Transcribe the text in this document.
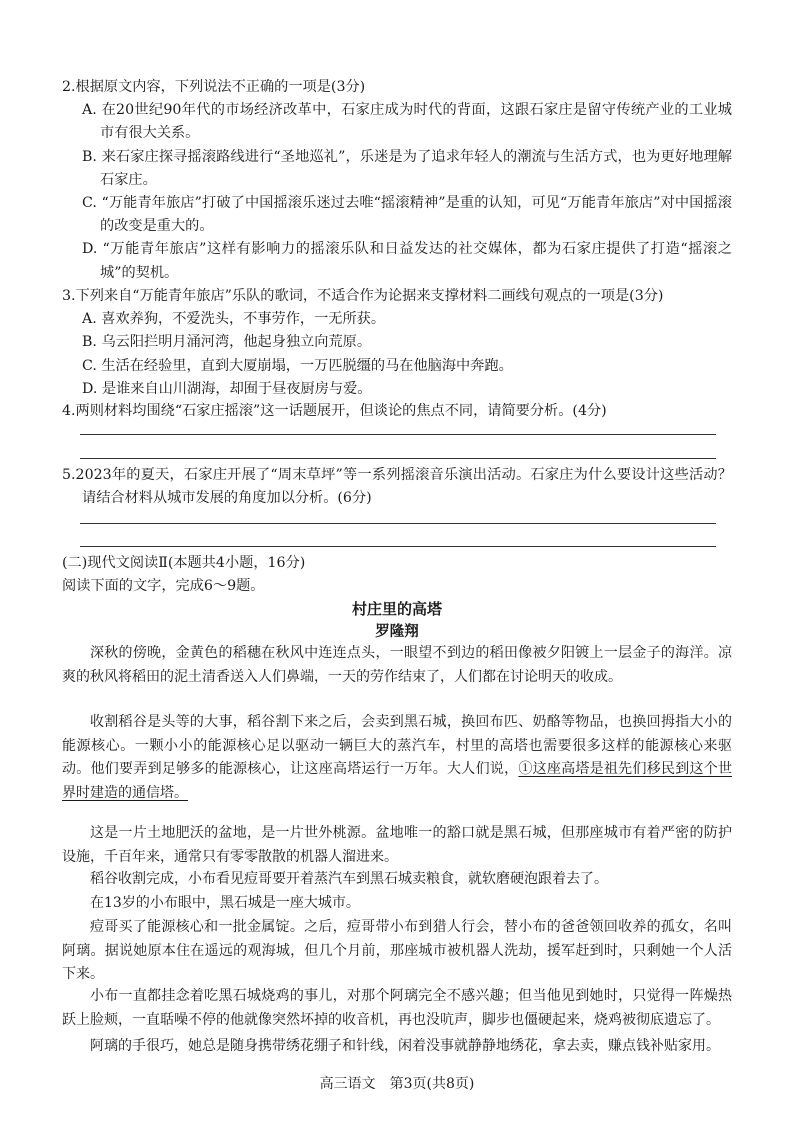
2.根据原文内容，下列说法不正确的一项是(3分)

A. 在20世纪90年代的市场经济改革中，石家庄成为时代的背面，这跟石家庄是留守传统产业的工业城市有很大关系。

B. 来石家庄探寻摇滚路线进行“圣地巡礼”，乐迷是为了追求年轻人的潮流与生活方式，也为更好地理解石家庄。

C. “万能青年旅店”打破了中国摇滚乐迷过去唯“摇滚精神”是重的认知，可见“万能青年旅店”对中国摇滚的改变是重大的。

D. “万能青年旅店”这样有影响力的摇滚乐队和日益发达的社交媒体，都为石家庄提供了打造“摇滚之城”的契机。

3.下列来自“万能青年旅店”乐队的歌词，不适合作为论据来支撑材料二画线句观点的一项是(3分)

A. 喜欢养狗，不爱洗头，不事劳作，一无所获。

B. 乌云阳拦明月涌河湾，他起身独立向荒原。

C. 生活在经验里，直到大厦崩塌，一万匹脱缰的马在他脑海中奔跑。

D. 是谁来自山川湖海，却囿于昼夜厨房与爱。

4.两则材料均围绕“石家庄摇滚”这一话题展开，但谈论的焦点不同，请简要分析。(4分)

5.2023年的夏天，石家庄开展了“周末草坪”等一系列摇滚音乐演出活动。石家庄为什么要设计这些活动？请结合材料从城市发展的角度加以分析。(6分)

(二)现代文阅读Ⅱ(本题共4小题，16分)

阅读下面的文字，完成6～9题。

村庄里的高塔
罗隆翔

深秋的傍晚，金黄色的稻穗在秋风中连连点头，一眼望不到边的稻田像被夕阳镀上一层金子的海洋。凉爽的秋风将稻田的泥土清香送入人们鼻端，一天的劳作结束了，人们都在讨论明天的收成。

收割稻谷是头等的大事，稻谷割下来之后，会卖到黑石城，换回布匹、奶酪等物品，也换回拇指大小的能源核心。一颗小小的能源核心足以驱动一辆巨大的蒸汽车，村里的高塔也需要很多这样的能源核心来驱动。他们要弄到足够多的能源核心，让这座高塔运行一万年。大人们说，①这座高塔是祖先们移民到这个世界时建造的通信塔。

这是一片土地肥沃的盆地，是一片世外桃源。盆地唯一的豁口就是黑石城，但那座城市有着严密的防护设施，千百年来，通常只有零零散散的机器人溜进来。

稻谷收割完成，小布看见痘哥要开着蒸汽车到黑石城卖粮食，就软磨硬泡跟着去了。

在13岁的小布眼中，黑石城是一座大城市。

痘哥买了能源核心和一批金属锭。之后，痘哥带小布到猎人行会，替小布的爸爸领回收养的孤女，名叫阿璃。据说她原本住在遥远的观海城，但几个月前，那座城市被机器人洗劫，援军赶到时，只剩她一个人活下来。

小布一直都挂念着吃黑石城烧鸡的事儿，对那个阿璃完全不感兴趣；但当他见到她时，只觉得一阵燥热跃上脸颊，一直聒噪不停的他就像突然坏掉的收音机，再也没吭声，脚步也僵硬起来，烧鸡被彻底遗忘了。

阿璃的手很巧，她总是随身携带绣花绷子和针线，闲着没事就静静地绣花，拿去卖，赚点钱补贴家用。

高三语文　第3页(共8页)
